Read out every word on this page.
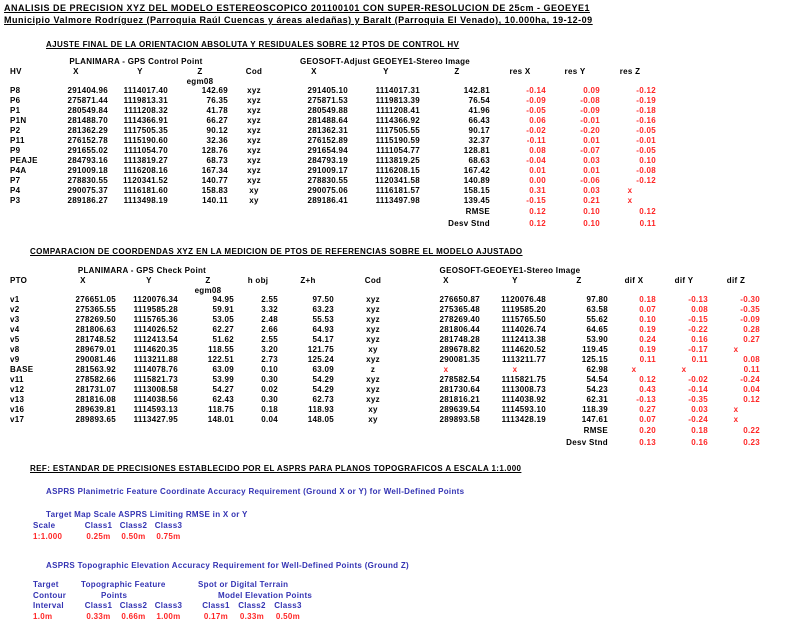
ANALISIS DE PRECISION XYZ DEL MODELO ESTEREOSCOPICO 201100101 CON SUPER-RESOLUCION DE 25cm - GEOEYE1
Municipio Valmore Rodríguez (Parroquia Raúl Cuencas y áreas aledañas) y Baralt (Parroquia El Venado), 10.000ha, 19-12-09
AJUSTE FINAL DE LA ORIENTACION ABSOLUTA Y RESIDUALES SOBRE 12 PTOS DE CONTROL HV
	PLANIMARA - GPS Control Point				GEOSOFT-Adjust GEOEYE1-Stereo Image					
HV	X	Y	Z	Cod	X	Y	Z	res X	res Y	res Z
			egm08							
P8	291404.96	1114017.40	142.69	xyz	291405.10	1114017.31	142.81	-0.14	0.09	-0.12
P6	275871.44	1119813.31	76.35	xyz	275871.53	1119813.39	76.54	-0.09	-0.08	-0.19
P1	280549.84	1111208.32	41.78	xyz	280549.88	1111208.41	41.96	-0.05	-0.09	-0.18
P1N	281488.70	1114366.91	66.27	xyz	281488.64	1114366.92	66.43	0.06	-0.01	-0.16
P2	281362.29	1117505.35	90.12	xyz	281362.31	1117505.55	90.17	-0.02	-0.20	-0.05
P11	276152.78	1115190.60	32.36	xyz	276152.89	1115190.59	32.37	-0.11	0.01	-0.01
P9	291655.02	1111054.70	128.76	xyz	291654.94	1111054.77	128.81	0.08	-0.07	-0.05
PEAJE	284793.16	1113819.27	68.73	xyz	284793.19	1113819.25	68.63	-0.04	0.03	0.10
P4A	291009.18	1116208.16	167.34	xyz	291009.17	1116208.15	167.42	0.01	0.01	-0.08
P7	278830.55	1120341.52	140.77	xyz	278830.55	1120341.58	140.89	0.00	-0.06	-0.12
P4	290075.37	1116181.60	158.83	xy	290075.06	1116181.57	158.15	0.31	0.03	x
P3	289186.27	1113498.19	140.11	xy	289186.41	1113497.98	139.45	-0.15	0.21	x
							RMSE	0.12	0.10	0.12
							Desv Stnd	0.12	0.10	0.11
COMPARACION DE COORDENDAS XYZ EN LA MEDICION DE PTOS DE REFERENCIAS SOBRE EL MODELO AJUSTADO
	PLANIMARA - GPS Check Point						GEOSOFT-GEOEYE1-Stereo Image					
PTO	X	Y	Z	h obj	Z+h	Cod	X	Y	Z	dif X	dif Y	dif Z
			egm08									
v1	276651.05	1120076.34	94.95	2.55	97.50	xyz	276650.87	1120076.48	97.80	0.18	-0.13	-0.30
v2	275365.55	1119585.28	59.91	3.32	63.23	xyz	275365.48	1119585.20	63.58	0.07	0.08	-0.35
v3	278269.50	1115765.36	53.05	2.48	55.53	xyz	278269.40	1115765.50	55.62	0.10	-0.15	-0.09
v4	281806.63	1114026.52	62.27	2.66	64.93	xyz	281806.44	1114026.74	64.65	0.19	-0.22	0.28
v5	281748.52	1112413.54	51.62	2.55	54.17	xyz	281748.28	1112413.38	53.90	0.24	0.16	0.27
v8	289679.01	1114620.35	118.55	3.20	121.75	xy	289678.82	1114620.52	119.45	0.19	-0.17	x
v9	290081.46	1113211.88	122.51	2.73	125.24	xyz	290081.35	1113211.77	125.15	0.11	0.11	0.08
BASE	281563.92	1114078.76	63.09	0.10	63.09	z	x	x	62.98	x	x	0.11
v11	278582.66	1115821.73	53.99	0.30	54.29	xyz	278582.54	1115821.75	54.54	0.12	-0.02	-0.24
v12	281731.07	1113008.58	54.27	0.02	54.29	xyz	281730.64	1113008.73	54.23	0.43	-0.14	0.04
v13	281816.08	1114038.56	62.43	0.30	62.73	xyz	281816.21	1114038.92	62.31	-0.13	-0.35	0.12
v16	289639.81	1114593.13	118.75	0.18	118.93	xy	289639.54	1114593.10	118.39	0.27	0.03	x
v17	289893.65	1113427.95	148.01	0.04	148.05	xy	289893.58	1113428.19	147.61	0.07	-0.24	x
									RMSE	0.20	0.18	0.22
									Desv Stnd	0.13	0.16	0.23
REF: ESTANDAR DE PRECISIONES ESTABLECIDO POR EL ASPRS PARA PLANOS TOPOGRAFICOS A ESCALA 1:1.000
ASPRS Planimetric Feature Coordinate Accuracy Requirement (Ground X or Y) for Well-Defined Points
Target Map Scale ASPRS Limiting RMSE in X or Y
Scale	Class1 Class2 Class3
1:1.000	0.25m	0.50m	0.75m
ASPRS Topographic Elevation Accuracy Requirement for Well-Defined Points (Ground Z)
Target	Topographic Feature	Spot or Digital Terrain
Contour	Points	Model Elevation Points
Interval	Class1 Class2 Class3	Class1	Class2	Class3
1.0m	0.33m	0.66m	1.00m	0.17m	0.33m	0.50m
